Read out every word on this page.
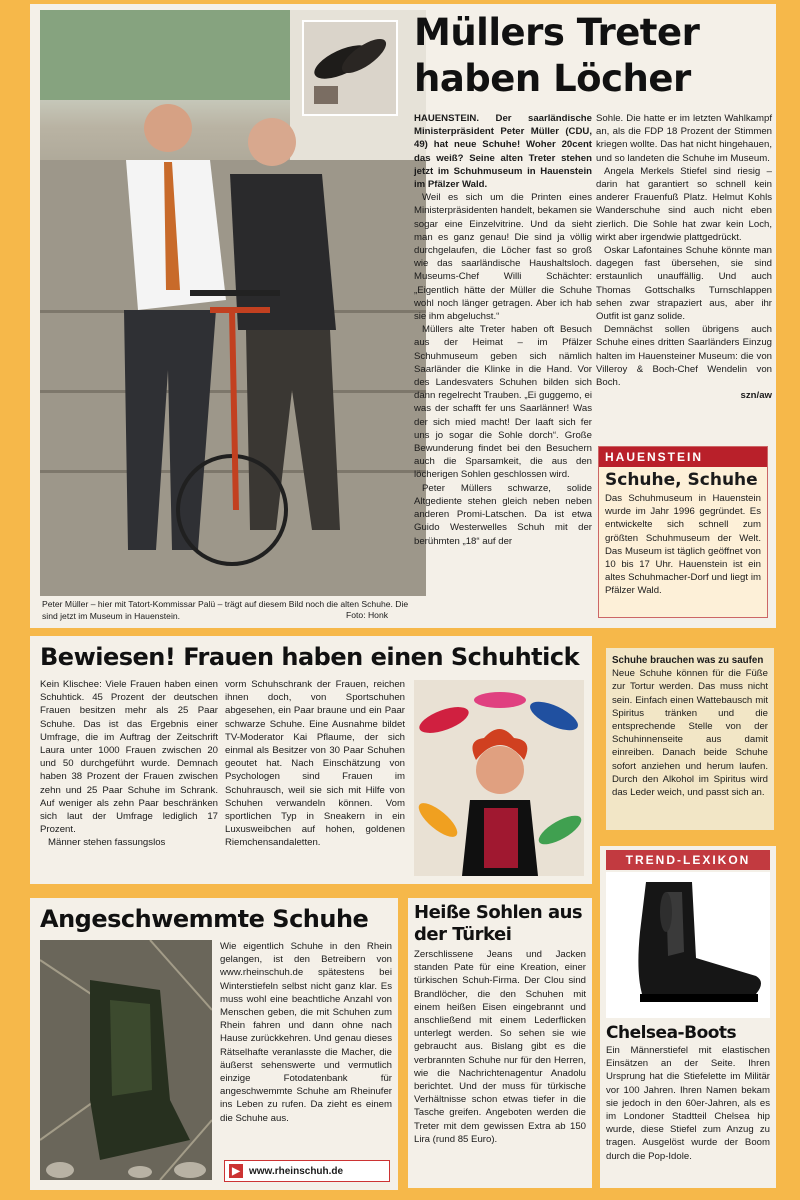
Peter Müller – hier mit Tatort-Kommissar Palü – trägt auf diesem Bild noch die alten Schuhe. Die sind jetzt im Museum in Hauenstein.	Foto: Honk
Müllers Treter haben Löcher

HAUENSTEIN. Der saarländische Ministerpräsident Peter Müller (CDU, 49) hat neue Schuhe! Woher 20cent das weiß? Seine alten Treter stehen jetzt im Schuhmuseum in Hauenstein im Pfälzer Wald.

Weil es sich um die Printen eines Ministerpräsidenten handelt, bekamen sie sogar eine Einzelvitrine. Und da sieht man es ganz genau! Die sind ja völlig durchgelaufen, die Löcher fast so groß wie das saarländische Haushaltsloch. Museums-Chef Willi Schächter: „Eigentlich hätte der Müller die Schuhe wohl noch länger getragen. Aber ich hab sie ihm abgeluchst.“

Müllers alte Treter haben oft Besuch aus der Heimat – im Pfälzer Schuhmuseum geben sich nämlich Saarländer die Klinke in die Hand. Vor des Landesvaters Schuhen bilden sich dann regelrecht Trauben. „Ei guggemo, ei was der schafft fer uns Saarlänner! Was der sich mied macht! Der laaft sich fer uns jo sogar die Sohle dorch“. Große Bewunderung findet bei den Besuchern auch die Sparsamkeit, die aus den löcherigen Sohlen geschlossen wird.

Peter Müllers schwarze, solide Altgediente stehen gleich neben neben anderen Promi-Latschen. Da ist etwa Guido Westerwelles Schuh mit der berühmten „18“ auf der

Sohle. Die hatte er im letzten Wahlkampf an, als die FDP 18 Prozent der Stimmen kriegen wollte. Das hat nicht hingehauen, und so landeten die Schuhe im Museum.

Angela Merkels Stiefel sind riesig – darin hat garantiert so schnell kein anderer Frauenfuß Platz. Helmut Kohls Wanderschuhe sind auch nicht eben zierlich. Die Sohle hat zwar kein Loch, wirkt aber irgendwie plattgedrückt.

Oskar Lafontaines Schuhe könnte man dagegen fast übersehen, sie sind erstaunlich unauffällig. Und auch Thomas Gottschalks Turnschlappen sehen zwar strapaziert aus, aber ihr Outfit ist ganz solide.

Demnächst sollen übrigens auch Schuhe eines dritten Saarländers Einzug halten im Hauensteiner Museum: die von Villeroy & Boch-Chef Wendelin von Boch.

szn/aw
HAUENSTEIN
Schuhe, Schuhe
Das Schuhmuseum in Hauenstein wurde im Jahr 1996 gegründet. Es entwickelte sich schnell zum größten Schuhmuseum der Welt. Das Museum ist täglich geöffnet von 10 bis 17 Uhr. Hauenstein ist ein altes Schuhmacher-Dorf und liegt im Pfälzer Wald.
Bewiesen! Frauen haben einen Schuhtick

Kein Klischee: Viele Frauen haben einen Schuhtick. 45 Prozent der deutschen Frauen besitzen mehr als 25 Paar Schuhe. Das ist das Ergebnis einer Umfrage, die im Auftrag der Zeitschrift Laura unter 1000 Frauen zwischen 20 und 50 durchgeführt wurde. Demnach haben 38 Prozent der Frauen zwischen zehn und 25 Paar Schuhe im Schrank. Auf weniger als zehn Paar beschränken sich laut der Umfrage lediglich 17 Prozent.

Männer stehen fassungslos

vorm Schuhschrank der Frauen, reichen ihnen doch, von Sportschuhen abgesehen, ein Paar braune und ein Paar schwarze Schuhe. Eine Ausnahme bildet TV-Moderator Kai Pflaume, der sich einmal als Besitzer von 30 Paar Schuhen geoutet hat. Nach Einschätzung von Psychologen sind Frauen im Schuhrausch, weil sie sich mit Hilfe von Schuhen verwandeln können. Vom sportlichen Typ in Sneakern in ein Luxusweibchen auf hohen, goldenen Riemchensandaletten.

Angeschwemmte Schuhe

Wie eigentlich Schuhe in den Rhein gelangen, ist den Betreibern von www.rheinschuh.de spätestens bei Winterstiefeln selbst nicht ganz klar. Es muss wohl eine beachtliche Anzahl von Menschen geben, die mit Schuhen zum Rhein fahren und dann ohne nach Hause zurückkehren. Und genau dieses Rätselhafte veranlasste die Macher, die äußerst sehenswerte und vermutlich einzige Fotodatenbank für angeschwemmte Schuhe am Rheinufer ins Leben zu rufen. Da zieht es einem die Schuhe aus.

▶ www.rheinschuh.de
Heiße Sohlen aus der Türkei

Zerschlissene Jeans und Jacken standen Pate für eine Kreation, einer türkischen Schuh-Firma. Der Clou sind Brandlöcher, die den Schuhen mit einem heißen Eisen eingebrannt und anschließend mit einem Lederflicken unterlegt werden. So sehen sie wie gebraucht aus. Bislang gibt es die verbrannten Schuhe nur für den Herren, wie die Nachrichtenagentur Anadolu berichtet. Und der muss für türkische Verhältnisse schon etwas tiefer in die Tasche greifen. Angeboten werden die Treter mit dem gewissen Extra ab 150 Lira (rund 85 Euro).

Schuhe brauchen was zu saufen
Neue Schuhe können für die Füße zur Tortur werden. Das muss nicht sein. Einfach einen Wattebausch mit Spiritus tränken und die entsprechende Stelle von der Schuhinnenseite aus damit einreiben. Danach beide Schuhe sofort anziehen und herum laufen. Durch den Alkohol im Spiritus wird das Leder weich, und passt sich an.
TREND-LEXIKON
Chelsea-Boots

Ein Männerstiefel mit elastischen Einsätzen an der Seite. Ihren Ursprung hat die Stiefelette im Militär vor 100 Jahren. Ihren Namen bekam sie jedoch in den 60er-Jahren, als es im Londoner Stadtteil Chelsea hip wurde, diese Stiefel zum Anzug zu tragen. Ausgelöst wurde der Boom durch die Pop-Idole.
